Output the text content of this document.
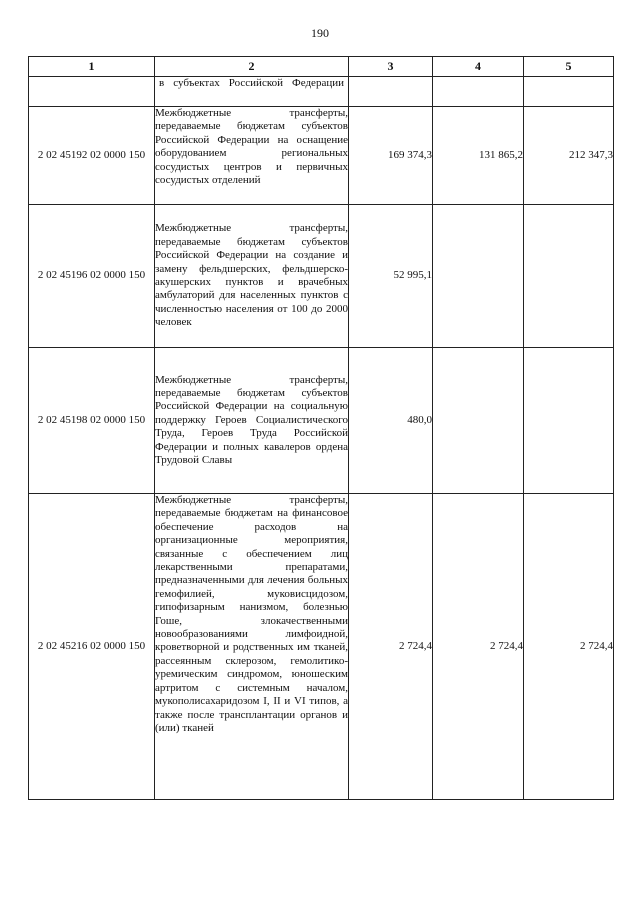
190
1	2	3	4	5

	в субъектах Российской Федерации			

2 02 45192 02 0000 150	Межбюджетные трансферты, передаваемые бюджетам субъектов Российской Федерации на оснащение оборудованием региональных сосудистых центров и первичных сосудистых отделений	169 374,3	131 865,2	212 347,3
2 02 45196 02 0000 150	Межбюджетные трансферты, передаваемые бюджетам субъектов Российской Федерации на создание и замену фельдшерских, фельдшерско-акушерских пунктов и врачебных амбулаторий для населенных пунктов с численностью населения от 100 до 2000 человек	52 995,1		
2 02 45198 02 0000 150	Межбюджетные трансферты, передаваемые бюджетам субъектов Российской Федерации на социальную поддержку Героев Социалистического Труда, Героев Труда Российской Федерации и полных кавалеров ордена Трудовой Славы	480,0		
2 02 45216 02 0000 150	Межбюджетные трансферты, передаваемые бюджетам на финансовое обеспечение расходов на организационные мероприятия, связанные с обеспечением лиц лекарственными препаратами, предназначенными для лечения больных гемофилией, муковисцидозом, гипофизарным нанизмом, болезнью Гоше, злокачественными новообразованиями лимфоидной, кроветворной и родственных им тканей, рассеянным склерозом, гемолитико-уремическим синдромом, юношеским артритом с системным началом, мукополисахаридозом I, II и VI типов, а также после трансплантации органов и (или) тканей	2 724,4	2 724,4	2 724,4
